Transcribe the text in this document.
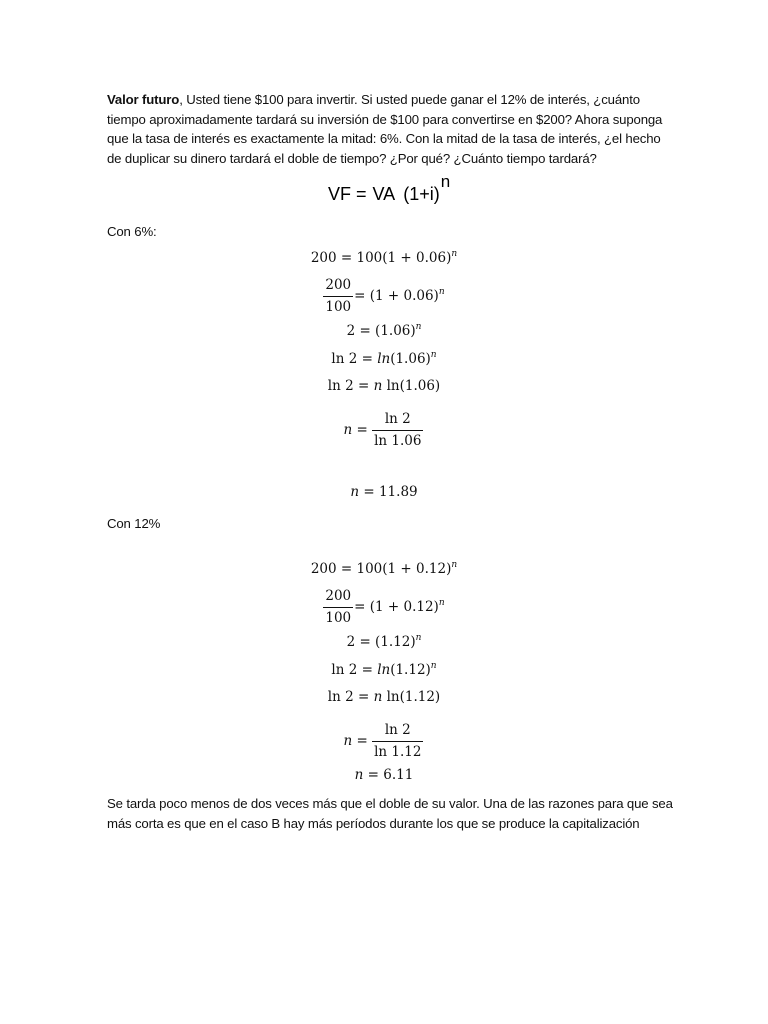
Valor futuro, Usted tiene $100 para invertir. Si usted puede ganar el 12% de interés, ¿cuánto tiempo aproximadamente tardará su inversión de $100 para convertirse en $200? Ahora suponga que la tasa de interés es exactamente la mitad: 6%. Con la mitad de la tasa de interés, ¿el hecho de duplicar su dinero tardará el doble de tiempo? ¿Por qué? ¿Cuánto tiempo tardará?

VF = VA (1+i)n

Con 6%:

$200 = 100(1 + 0.06)^n$
$\frac{200}{100} = (1 + 0.06)^n$
$2 = (1.06)^n$
$\ln 2 = \ln(1.06)^n$
ln 2 = n ln(1.06)
$n = \frac{\ln 2}{\ln 1.06}$
n = 11.89

Con 12%

$200 = 100(1 + 0.12)^n$
$\frac{200}{100} = (1 + 0.12)^n$
$2 = (1.12)^n$
$\ln 2 = \ln(1.12)^n$
ln 2 = n ln(1.12)
$n = \frac{\ln 2}{\ln 1.12}$
n = 6.11

Se tarda poco menos de dos veces más que el doble de su valor. Una de las razones para que sea más corta es que en el caso B hay más períodos durante los que se produce la capitalización
